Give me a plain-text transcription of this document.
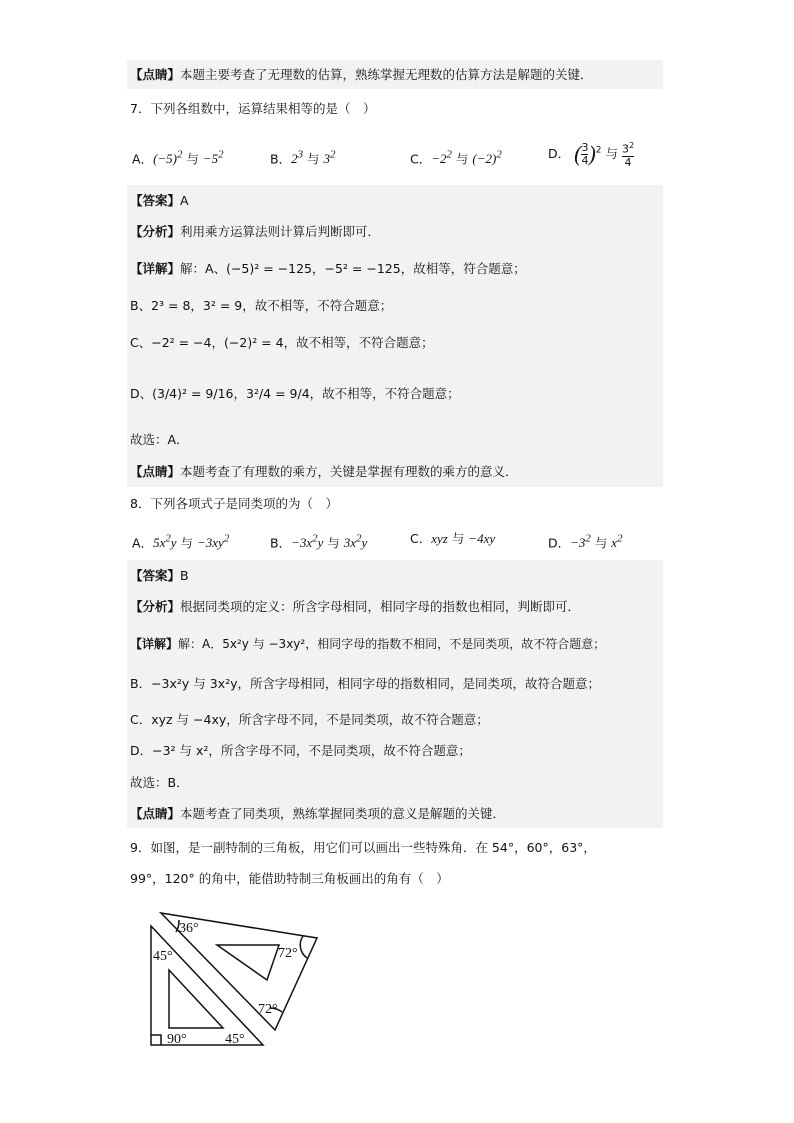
【点睛】本题主要考查了无理数的估算，熟练掌握无理数的估算方法是解题的关键．
7．下列各组数中，运算结果相等的是（　）
A．$(-5)^2$ 与 $-5^2$	B．$2^3$ 与 $3^2$	C．$-2^2$ 与 $(-2)^2$	D． ( $\frac{3}{4} )^2$ 与 $\frac{3^2}{4}$
【答案】A
【分析】利用乘方运算法则计算后判断即可．
【详解】解：A、(−5)² = −125，−5² = −125，故相等，符合题意；
B、2³ = 8，3² = 9，故不相等，不符合题意；
C、−2² = −4，(−2)² = 4，故不相等，不符合题意；
D、(3/4)² = 9/16，3²/4 = 9/4，故不相等，不符合题意；
故选：A．
【点睛】本题考查了有理数的乘方，关键是掌握有理数的乘方的意义．
8．下列各项式子是同类项的为（　）
A．$5x^2y$ 与 $-3xy^2$	B．$-3x^2y$ 与 $3x^2y$	C．xyz 与 −4xy	D．$-3^2$ 与 $x^2$
【答案】B
【分析】根据同类项的定义：所含字母相同，相同字母的指数也相同，判断即可．
【详解】解：A．5x²y 与 −3xy²，相同字母的指数不相同，不是同类项，故不符合题意；
B．−3x²y 与 3x²y，所含字母相同，相同字母的指数相同，是同类项，故符合题意；
C．xyz 与 −4xy，所含字母不同，不是同类项，故不符合题意；
D．−3² 与 x²，所含字母不同，不是同类项，故不符合题意；
故选：B．
【点睛】本题考查了同类项，熟练掌握同类项的意义是解题的关键．
9．如图，是一副特制的三角板，用它们可以画出一些特殊角．在 54°，60°，63°，
99°，120° 的角中，能借助特制三角板画出的角有（　）
36°
72°
45°
72°
90°	45°
